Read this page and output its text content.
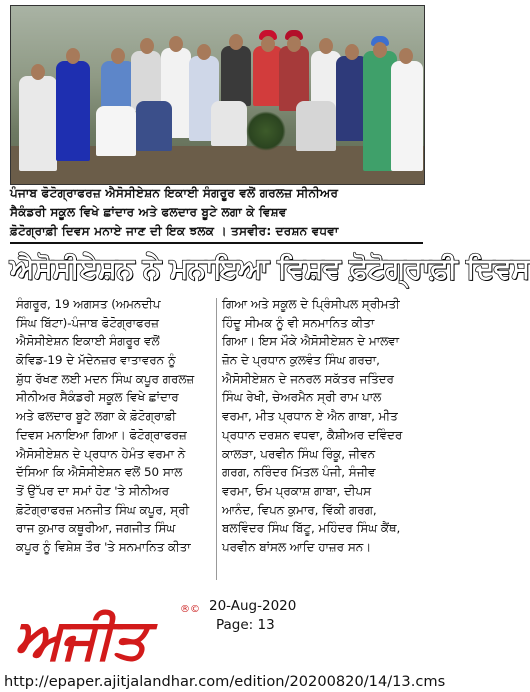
ਪੰਜਾਬ ਫੋਟੋਗ੍ਰਾਫਰਜ਼ ਐਸੋਸੀਏਸ਼ਨ ਇਕਾਈ ਸੰਗਰੂਰ ਵਲੋਂ ਗਰਲਜ਼ ਸੀਨੀਅਰ
ਸੈਕੰਡਰੀ ਸਕੂਲ ਵਿਖੇ ਛਾਂਦਾਰ ਅਤੇ ਫਲਦਾਰ ਬੂਟੇ ਲਗਾ ਕੇ ਵਿਸ਼ਵ
ਫ਼ੋਟੋਗ੍ਰਾਫ਼ੀ ਦਿਵਸ ਮਨਾਏ ਜਾਣ ਦੀ ਇਕ ਝਲਕ । ਤਸਵੀਰ: ਦਰਸ਼ਨ ਵਧਵਾ
ਐਸੋਸੀਏਸ਼ਨ ਨੇ ਮਨਾਇਆ ਵਿਸ਼ਵ ਫ਼ੋਟੋਗ੍ਰਾਫ਼ੀ ਦਿਵਸ
ਸੰਗਰੂਰ, 19 ਅਗਸਤ (ਅਮਨਦੀਪ
ਸਿੰਘ ਬਿੱਟਾ)-ਪੰਜਾਬ ਫੋਟੋਗ੍ਰਾਫਰਜ਼
ਐਸੋਸੀਏਸ਼ਨ ਇਕਾਈ ਸੰਗਰੂਰ ਵਲੋਂ
ਕੋਵਿਡ-19 ਦੇ ਮੱਦੇਨਜ਼ਰ ਵਾਤਾਵਰਨ ਨੂੰ
ਸ਼ੁੱਧ ਰੱਖਣ ਲਈ ਮਦਨ ਸਿੰਘ ਕਪੂਰ ਗਰਲਜ਼
ਸੀਨੀਅਰ ਸੈਕੰਡਰੀ ਸਕੂਲ ਵਿਖੇ ਛਾਂਦਾਰ
ਅਤੇ ਫਲਦਾਰ ਬੂਟੇ ਲਗਾ ਕੇ ਫ਼ੋਟੋਗ੍ਰਾਫ਼ੀ
ਦਿਵਸ ਮਨਾਇਆ ਗਿਆ। ਫੋਟੋਗ੍ਰਾਫਰਜ਼
ਐਸੋਸੀਏਸ਼ਨ ਦੇ ਪ੍ਰਧਾਨ ਹੇਮੰਤ ਵਰਮਾ ਨੇ
ਦੱਸਿਆ ਕਿ ਐਸੋਸੀਏਸ਼ਨ ਵਲੋਂ 50 ਸਾਲ
ਤੋਂ ਉੱਪਰ ਦਾ ਸਮਾਂ ਹੋਣ 'ਤੇ ਸੀਨੀਅਰ
ਫ਼ੋਟੋਗ੍ਰਾਫਰਜ਼ ਮਨਜੀਤ ਸਿੰਘ ਕਪੂਰ, ਸ੍ਰੀ
ਰਾਜ ਕੁਮਾਰ ਕਥੂਰੀਆ, ਜਗਜੀਤ ਸਿੰਘ
ਕਪੂਰ ਨੂੰ ਵਿਸ਼ੇਸ਼ ਤੌਰ 'ਤੇ ਸਨਮਾਨਿਤ ਕੀਤਾ
ਗਿਆ ਅਤੇ ਸਕੂਲ ਦੇ ਪ੍ਰਿੰਸੀਪਲ ਸ੍ਰੀਮਤੀ
ਹਿੰਦੂ ਸੀਮਕ ਨੂੰ ਵੀ ਸਨਮਾਨਿਤ ਕੀਤਾ
ਗਿਆ। ਇਸ ਮੌਕੇ ਐਸੋਸੀਏਸ਼ਨ ਦੇ ਮਾਲਵਾ
ਜ਼ੋਨ ਦੇ ਪ੍ਰਧਾਨ ਕੁਲਵੰਤ ਸਿੰਘ ਗਰਚਾ,
ਐਸੋਸੀਏਸ਼ਨ ਦੇ ਜਨਰਲ ਸਕੱਤਰ ਜਤਿੰਦਰ
ਸਿੰਘ ਰੇਖੀ, ਚੇਅਰਮੈਨ ਸ੍ਰੀ ਰਾਮ ਪਾਲ
ਵਰਮਾ, ਮੀਤ ਪ੍ਰਧਾਨ ਏ ਐਨ ਗਾਬਾ, ਮੀਤ
ਪ੍ਰਧਾਨ ਦਰਸ਼ਨ ਵਧਵਾ, ਕੈਸ਼ੀਅਰ ਦਵਿੰਦਰ
ਕਾਲੜਾ, ਪਰਵੀਨ ਸਿੰਘ ਰਿੰਕੂ, ਜੀਵਨ
ਗਰਗ, ਨਰਿੰਦਰ ਮਿੱਤਲ ਪੰਜੀ, ਸੰਜੀਵ
ਵਰਮਾ, ਓਮ ਪ੍ਰਕਾਸ਼ ਗਾਬਾ, ਦੀਪਸ
ਆਨੰਦ, ਵਿਪਨ ਕੁਮਾਰ, ਵਿੱਕੀ ਗਰਗ,
ਬਲਵਿੰਦਰ ਸਿੰਘ ਬਿੱਟੂ, ਮਹਿੰਦਰ ਸਿੰਘ ਕੈਂਥ,
ਪਰਵੀਨ ਬਾਂਸਲ ਆਦਿ ਹਾਜ਼ਰ ਸਨ।
ਅਜੀਤ	®© 20-Aug-2020
Page: 13
http://epaper.ajitjalandhar.com/edition/20200820/14/13.cms
